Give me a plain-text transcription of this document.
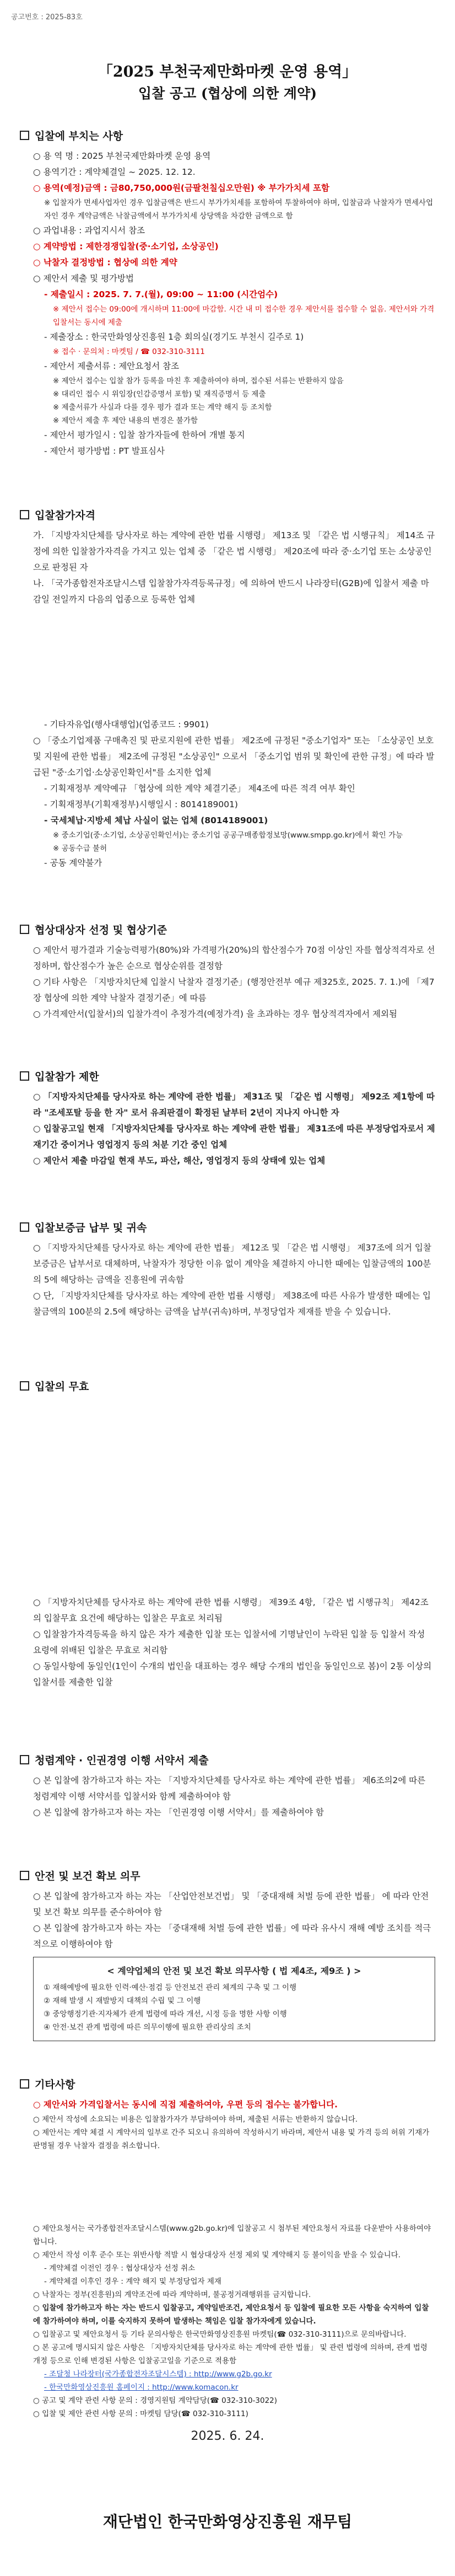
공고번호 : 2025-83호
「2025 부천국제만화마켓 운영 용역」
입찰 공고 (협상에 의한 계약)
입찰에 부치는 사항
○ 용 역 명 : 2025 부천국제만화마켓 운영 용역
○ 용역기간 : 계약체결일 ~ 2025. 12. 12.
○ 용역(예정)금액 : 금80,750,000원(금팔천칠십오만원) ※ 부가가치세 포함
※ 입찰자가 면세사업자인 경우 입찰금액은 반드시 부가가치세를 포함하여 투찰하여야 하며, 입찰금과 낙찰자가 면세사업자인 경우 계약금액은 낙찰금액에서 부가가치세 상당액을 차감한 금액으로 함
○ 과업내용 : 과업지시서 참조
○ 계약방법 : 제한경쟁입찰(중·소기업, 소상공인)
○ 낙찰자 결정방법 : 협상에 의한 계약
○ 제안서 제출 및 평가방법
- 제출일시 : 2025. 7. 7.(월), 09:00 ~ 11:00 (시간엄수)
※ 제안서 접수는 09:00에 개시하며 11:00에 마감함. 시간 내 미 접수한 경우 제안서를 접수할 수 없음. 제안서와 가격입찰서는 동시에 제출
- 제출장소 : 한국만화영상진흥원 1층 회의실(경기도 부천시 길주로 1)
※ 접수 · 문의처 : 마켓팀 / ☎ 032-310-3111
- 제안서 제출서류 : 제안요청서 참조
※ 제안서 접수는 입찰 참가 등록을 마친 후 제출하여야 하며, 접수된 서류는 반환하지 않음
※ 대리인 접수 시 위임장(인감증명서 포함) 및 재직증명서 등 제출
※ 제출서류가 사실과 다를 경우 평가 결과 또는 계약 해지 등 조치함
※ 제안서 제출 후 제안 내용의 변경은 불가함
- 제안서 평가일시 : 입찰 참가자들에 한하여 개별 통지
- 제안서 평가방법 : PT 발표심사
입찰참가자격
가. 「지방자치단체를 당사자로 하는 계약에 관한 법률 시행령」 제13조 및 「같은 법 시행규칙」 제14조 규정에 의한 입찰참가자격을 가지고 있는 업체 중 「같은 법 시행령」 제20조에 따라 중·소기업 또는 소상공인으로 판정된 자
나. 「국가종합전자조달시스템 입찰참가자격등록규정」에 의하여 반드시 나라장터(G2B)에 입찰서 제출 마감일 전일까지 다음의 업종으로 등록한 업체
- 기타자유업(행사대행업)(업종코드 : 9901)
○ 「중소기업제품 구매촉진 및 판로지원에 관한 법률」 제2조에 규정된 "중소기업자" 또는 「소상공인 보호 및 지원에 관한 법률」 제2조에 규정된 "소상공인" 으로서 「중소기업 범위 및 확인에 관한 규정」에 따라 발급된 "중·소기업·소상공인확인서"를 소지한 업체
- 기획재정부 계약예규 「협상에 의한 계약 체결기준」 제4조에 따른 적격 여부 확인
- 기획재정부(기획재정부)시행일시 : 8014189001)
- 국세체납·지방세 체납 사실이 없는 업체 (8014189001)
※ 중소기업(중·소기업, 소상공인확인서)는 중소기업 공공구매종합정보망(www.smpp.go.kr)에서 확인 가능
※ 공동수급 불허
- 공동 계약불가
협상대상자 선정 및 협상기준
○ 제안서 평가결과 기술능력평가(80%)와 가격평가(20%)의 합산점수가 70점 이상인 자를 협상적격자로 선정하며, 합산점수가 높은 순으로 협상순위를 결정함
○ 기타 사항은 「지방자치단체 입찰시 낙찰자 결정기준」(행정안전부 예규 제325호, 2025. 7. 1.)에 「제7장 협상에 의한 계약 낙찰자 결정기준」에 따름
○ 가격제안서(입찰서)의 입찰가격이 추정가격(예정가격) 을 초과하는 경우 협상적격자에서 제외됨
입찰참가 제한
○ 「지방자치단체를 당사자로 하는 계약에 관한 법률」 제31조 및 「같은 법 시행령」 제92조 제1항에 따라 "조세포탈 등을 한 자" 로서 유죄판결이 확정된 날부터 2년이 지나지 아니한 자
○ 입찰공고일 현재 「지방자치단체를 당사자로 하는 계약에 관한 법률」 제31조에 따른 부정당업자로서 제재기간 중이거나 영업정지 등의 처분 기간 중인 업체
○ 제안서 제출 마감일 현재 부도, 파산, 해산, 영업정지 등의 상태에 있는 업체
입찰보증금 납부 및 귀속
○ 「지방자치단체를 당사자로 하는 계약에 관한 법률」 제12조 및 「같은 법 시행령」 제37조에 의거 입찰보증금은 납부서로 대체하며, 낙찰자가 정당한 이유 없이 계약을 체결하지 아니한 때에는 입찰금액의 100분의 5에 해당하는 금액을 진흥원에 귀속함
○ 단, 「지방자치단체를 당사자로 하는 계약에 관한 법률 시행령」 제38조에 따른 사유가 발생한 때에는 입찰금액의 100분의 2.5에 해당하는 금액을 납부(귀속)하며, 부정당업자 제재를 받을 수 있습니다.
입찰의 무효
○ 「지방자치단체를 당사자로 하는 계약에 관한 법률 시행령」 제39조 4항, 「같은 법 시행규칙」 제42조의 입찰무효 요건에 해당하는 입찰은 무효로 처리됨
○ 입찰참가자격등록을 하지 않은 자가 제출한 입찰 또는 입찰서에 기명날인이 누락된 입찰 등 입찰서 작성 요령에 위배된 입찰은 무효로 처리함
○ 동일사항에 동일인(1인이 수개의 법인을 대표하는 경우 해당 수개의 법인을 동일인으로 봄)이 2통 이상의 입찰서를 제출한 입찰
청렴계약 · 인권경영 이행 서약서 제출
○ 본 입찰에 참가하고자 하는 자는 「지방자치단체를 당사자로 하는 계약에 관한 법률」 제6조의2에 따른 청렴계약 이행 서약서를 입찰서와 함께 제출하여야 함
○ 본 입찰에 참가하고자 하는 자는 「인권경영 이행 서약서」를 제출하여야 함
안전 및 보건 확보 의무
○ 본 입찰에 참가하고자 하는 자는 「산업안전보건법」 및 「중대재해 처벌 등에 관한 법률」 에 따라 안전 및 보건 확보 의무를 준수하여야 함
○ 본 입찰에 참가하고자 하는 자는 「중대재해 처벌 등에 관한 법률」에 따라 유사시 재해 예방 조치를 적극적으로 이행하여야 함
< 계약업체의 안전 및 보건 확보 의무사항 ( 법 제4조, 제9조 ) >
① 재해예방에 필요한 인력·예산·점검 등 안전보건 관리 체계의 구축 및 그 이행
② 재해 발생 시 재발방지 대책의 수립 및 그 이행
③ 중앙행정기관·지자체가 관계 법령에 따라 개선, 시정 등을 명한 사항 이행
④ 안전·보건 관계 법령에 따른 의무이행에 필요한 관리상의 조치
기타사항
○ 제안서와 가격입찰서는 동시에 직접 제출하여야, 우편 등의 접수는 불가합니다.
○ 제안서 작성에 소요되는 비용은 입찰참가자가 부담하여야 하며, 제출된 서류는 반환하지 않습니다.
○ 제안서는 계약 체결 시 계약서의 일부로 간주 되오니 유의하여 작성하시기 바라며, 제안서 내용 및 가격 등의 허위 기재가 판명될 경우 낙찰자 결정을 취소합니다.
○ 제안요청서는 국가종합전자조달시스템(www.g2b.go.kr)에 입찰공고 시 첨부된 제안요청서 자료를 다운받아 사용하여야 합니다.
○ 제안서 작성 이후 준수 또는 위반사항 적발 시 협상대상자 선정 제외 및 계약해지 등 불이익을 받을 수 있습니다.
- 계약체결 이전인 경우 : 협상대상자 선정 취소
- 계약체결 이후인 경우 : 계약 해지 및 부정당업자 제재
○ 낙찰자는 정부(진흥원)의 계약조건에 따라 계약하며, 불공정거래행위를 금지합니다.
○ 입찰에 참가하고자 하는 자는 반드시 입찰공고, 계약일반조건, 제안요청서 등 입찰에 필요한 모든 사항을 숙지하여 입찰에 참가하여야 하며, 이를 숙지하지 못하여 발생하는 책임은 입찰 참가자에게 있습니다.
○ 입찰공고 및 제안요청서 등 기타 문의사항은 한국만화영상진흥원 마켓팀(☎ 032-310-3111)으로 문의바랍니다.
○ 본 공고에 명시되지 않은 사항은 「지방자치단체를 당사자로 하는 계약에 관한 법률」 및 관련 법령에 의하며, 관계 법령 개정 등으로 인해 변경된 사항은 입찰공고일을 기준으로 적용함
- 조달청 나라장터(국가종합전자조달시스템) : http://www.g2b.go.kr
- 한국만화영상진흥원 홈페이지 : http://www.komacon.kr
○ 공고 및 계약 관련 사항 문의 : 경영지원팀 계약담당(☎ 032-310-3022)
○ 입찰 및 제안 관련 사항 문의 : 마켓팀 담당(☎ 032-310-3111)
2025. 6. 24.
재단법인 한국만화영상진흥원 재무팀
